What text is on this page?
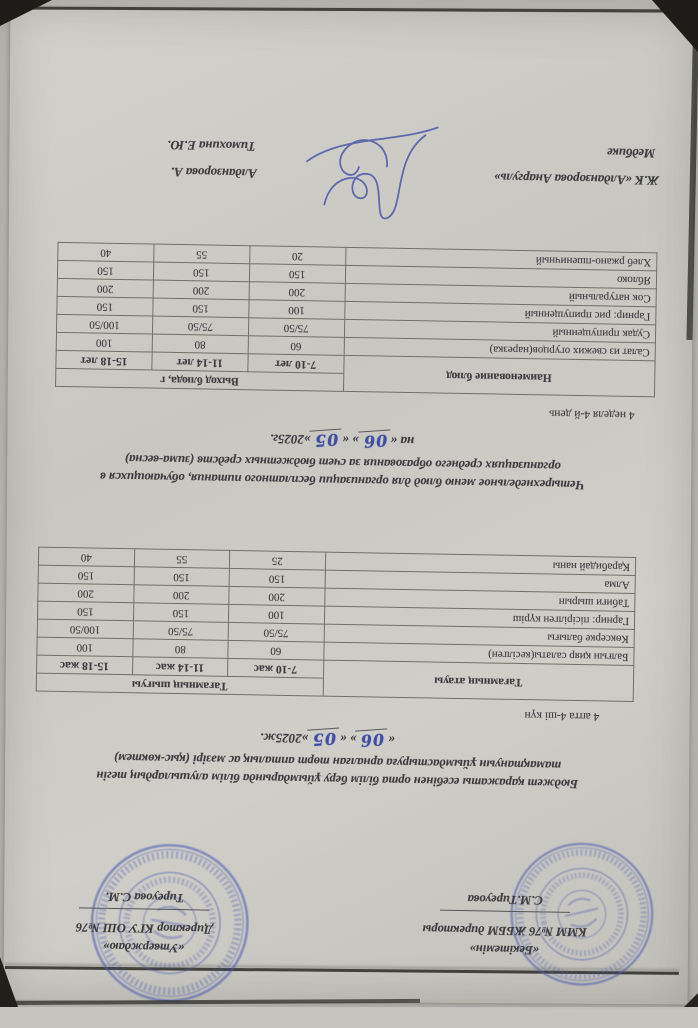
«Бекітемін»
КММ №76 ЖББМ директоры
С.М.Тиреуова
«Утверждаю»
Директор КГУ ОШ №76
Тиреуова С.М.
Бюджет қаражаты есебінен орта білім беру ұйымдарында білім алушылардың тегін
тамақтануын ұйымдастыруға арналған төрт апталық ас мәзірі (қыс-көктем)
«06» «05»2025ж.
4 апта 4-ші күн
Тағамның атауы	Тағамның шығуы		
	7-10 жас	11-14 жас	15-18 жас
Балғын қияр салаты(кесілген)	60	80	100
Көксерке балығы	75/50	75/50	100/50
Гарнир: пісірілген күріш	100	150	150
Табиғи шырын	200	200	200
Алма	150	150	150
Қарабидай наны	25	55	40
Четырехнедельное меню блюд для организации бесплатного питания, обучающихся в
организациях среднего образования за счет бюджетных средств (зима-весна)
на «06» «05»2025г.
4 неделя 4-й день
Наименование блюд	Выход блюда, г		
	7-10 лет	11-14 лет	15-18 лет
Салат из свежих огурцов(нарезка)	60	80	100
Судак припущенный	75/50	75/50	100/50
Гарнир: рис припущенный	100	150	150
Сок натуральный	200	200	200
Яблоко	150	150	150
Хлеб ржано-пшеничный	20	55	40
Ж.К «Алданзорова Анаргуль»
Алданзорова А.
Медбике
Тимохина Е.Ю.
